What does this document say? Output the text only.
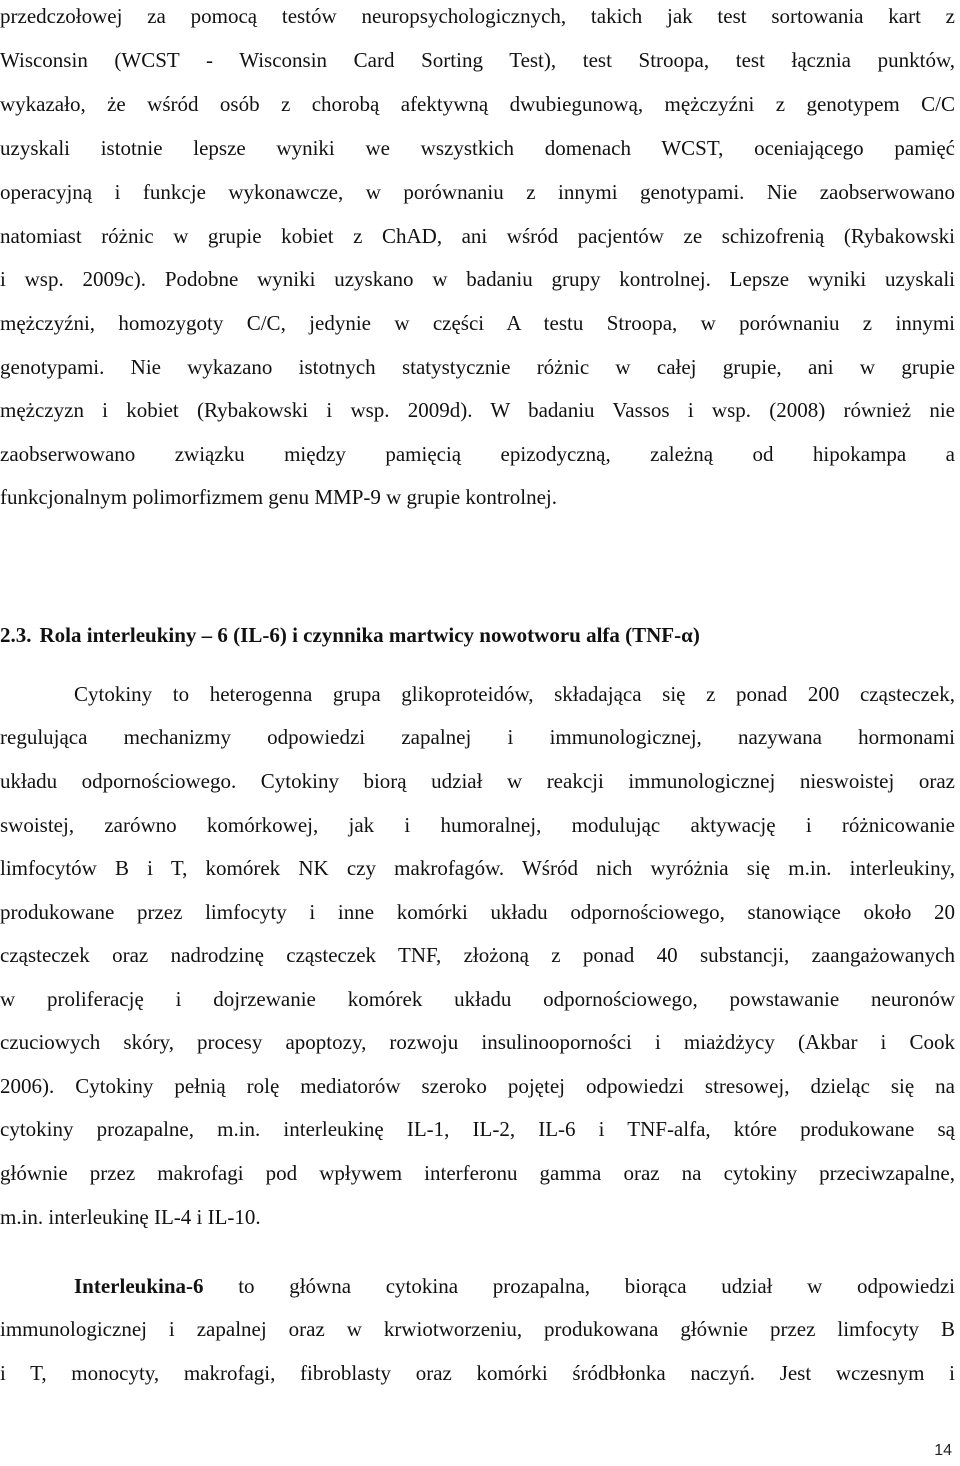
przedczołowej za pomocą testów neuropsychologicznych, takich jak test sortowania kart z
Wisconsin (WCST - Wisconsin Card Sorting Test), test Stroopa, test łącznia punktów,
wykazało, że wśród osób z chorobą afektywną dwubiegunową, mężczyźni z genotypem C/C
uzyskali istotnie lepsze wyniki we wszystkich domenach WCST, oceniającego pamięć
operacyjną i funkcje wykonawcze, w porównaniu z innymi genotypami. Nie zaobserwowano
natomiast różnic w grupie kobiet z ChAD, ani wśród pacjentów ze schizofrenią (Rybakowski
i wsp. 2009c). Podobne wyniki uzyskano w badaniu grupy kontrolnej. Lepsze wyniki uzyskali
mężczyźni, homozygoty C/C, jedynie w części A testu Stroopa, w porównaniu z innymi
genotypami. Nie wykazano istotnych statystycznie różnic w całej grupie, ani w grupie
mężczyzn i kobiet (Rybakowski i wsp. 2009d). W badaniu Vassos i wsp. (2008) również nie
zaobserwowano związku między pamięcią epizodyczną, zależną od hipokampa a
funkcjonalnym polimorfizmem genu MMP-9 w grupie kontrolnej.
2.3. Rola interleukiny – 6 (IL-6) i czynnika martwicy nowotworu alfa (TNF-α)
Cytokiny to heterogenna grupa glikoproteidów, składająca się z ponad 200 cząsteczek,
regulująca mechanizmy odpowiedzi zapalnej i immunologicznej, nazywana hormonami
układu odpornościowego. Cytokiny biorą udział w reakcji immunologicznej nieswoistej oraz
swoistej, zarówno komórkowej, jak i humoralnej, modulując aktywację i różnicowanie
limfocytów B i T, komórek NK czy makrofagów. Wśród nich wyróżnia się m.in. interleukiny,
produkowane przez limfocyty i inne komórki układu odpornościowego, stanowiące około 20
cząsteczek oraz nadrodzinę cząsteczek TNF, złożoną z ponad 40 substancji, zaangażowanych
w proliferację i dojrzewanie komórek układu odpornościowego, powstawanie neuronów
czuciowych skóry, procesy apoptozy, rozwoju insulinooporności i miażdżycy (Akbar i Cook
2006). Cytokiny pełnią rolę mediatorów szeroko pojętej odpowiedzi stresowej, dzieląc się na
cytokiny prozapalne, m.in. interleukinę IL-1, IL-2, IL-6 i TNF-alfa, które produkowane są
głównie przez makrofagi pod wpływem interferonu gamma oraz na cytokiny przeciwzapalne,
m.in. interleukinę IL-4 i IL-10.
Interleukina-6 to główna cytokina prozapalna, biorąca udział w odpowiedzi
immunologicznej i zapalnej oraz w krwiotworzeniu, produkowana głównie przez limfocyty B
i T, monocyty, makrofagi, fibroblasty oraz komórki śródbłonka naczyń. Jest wczesnym i
14
